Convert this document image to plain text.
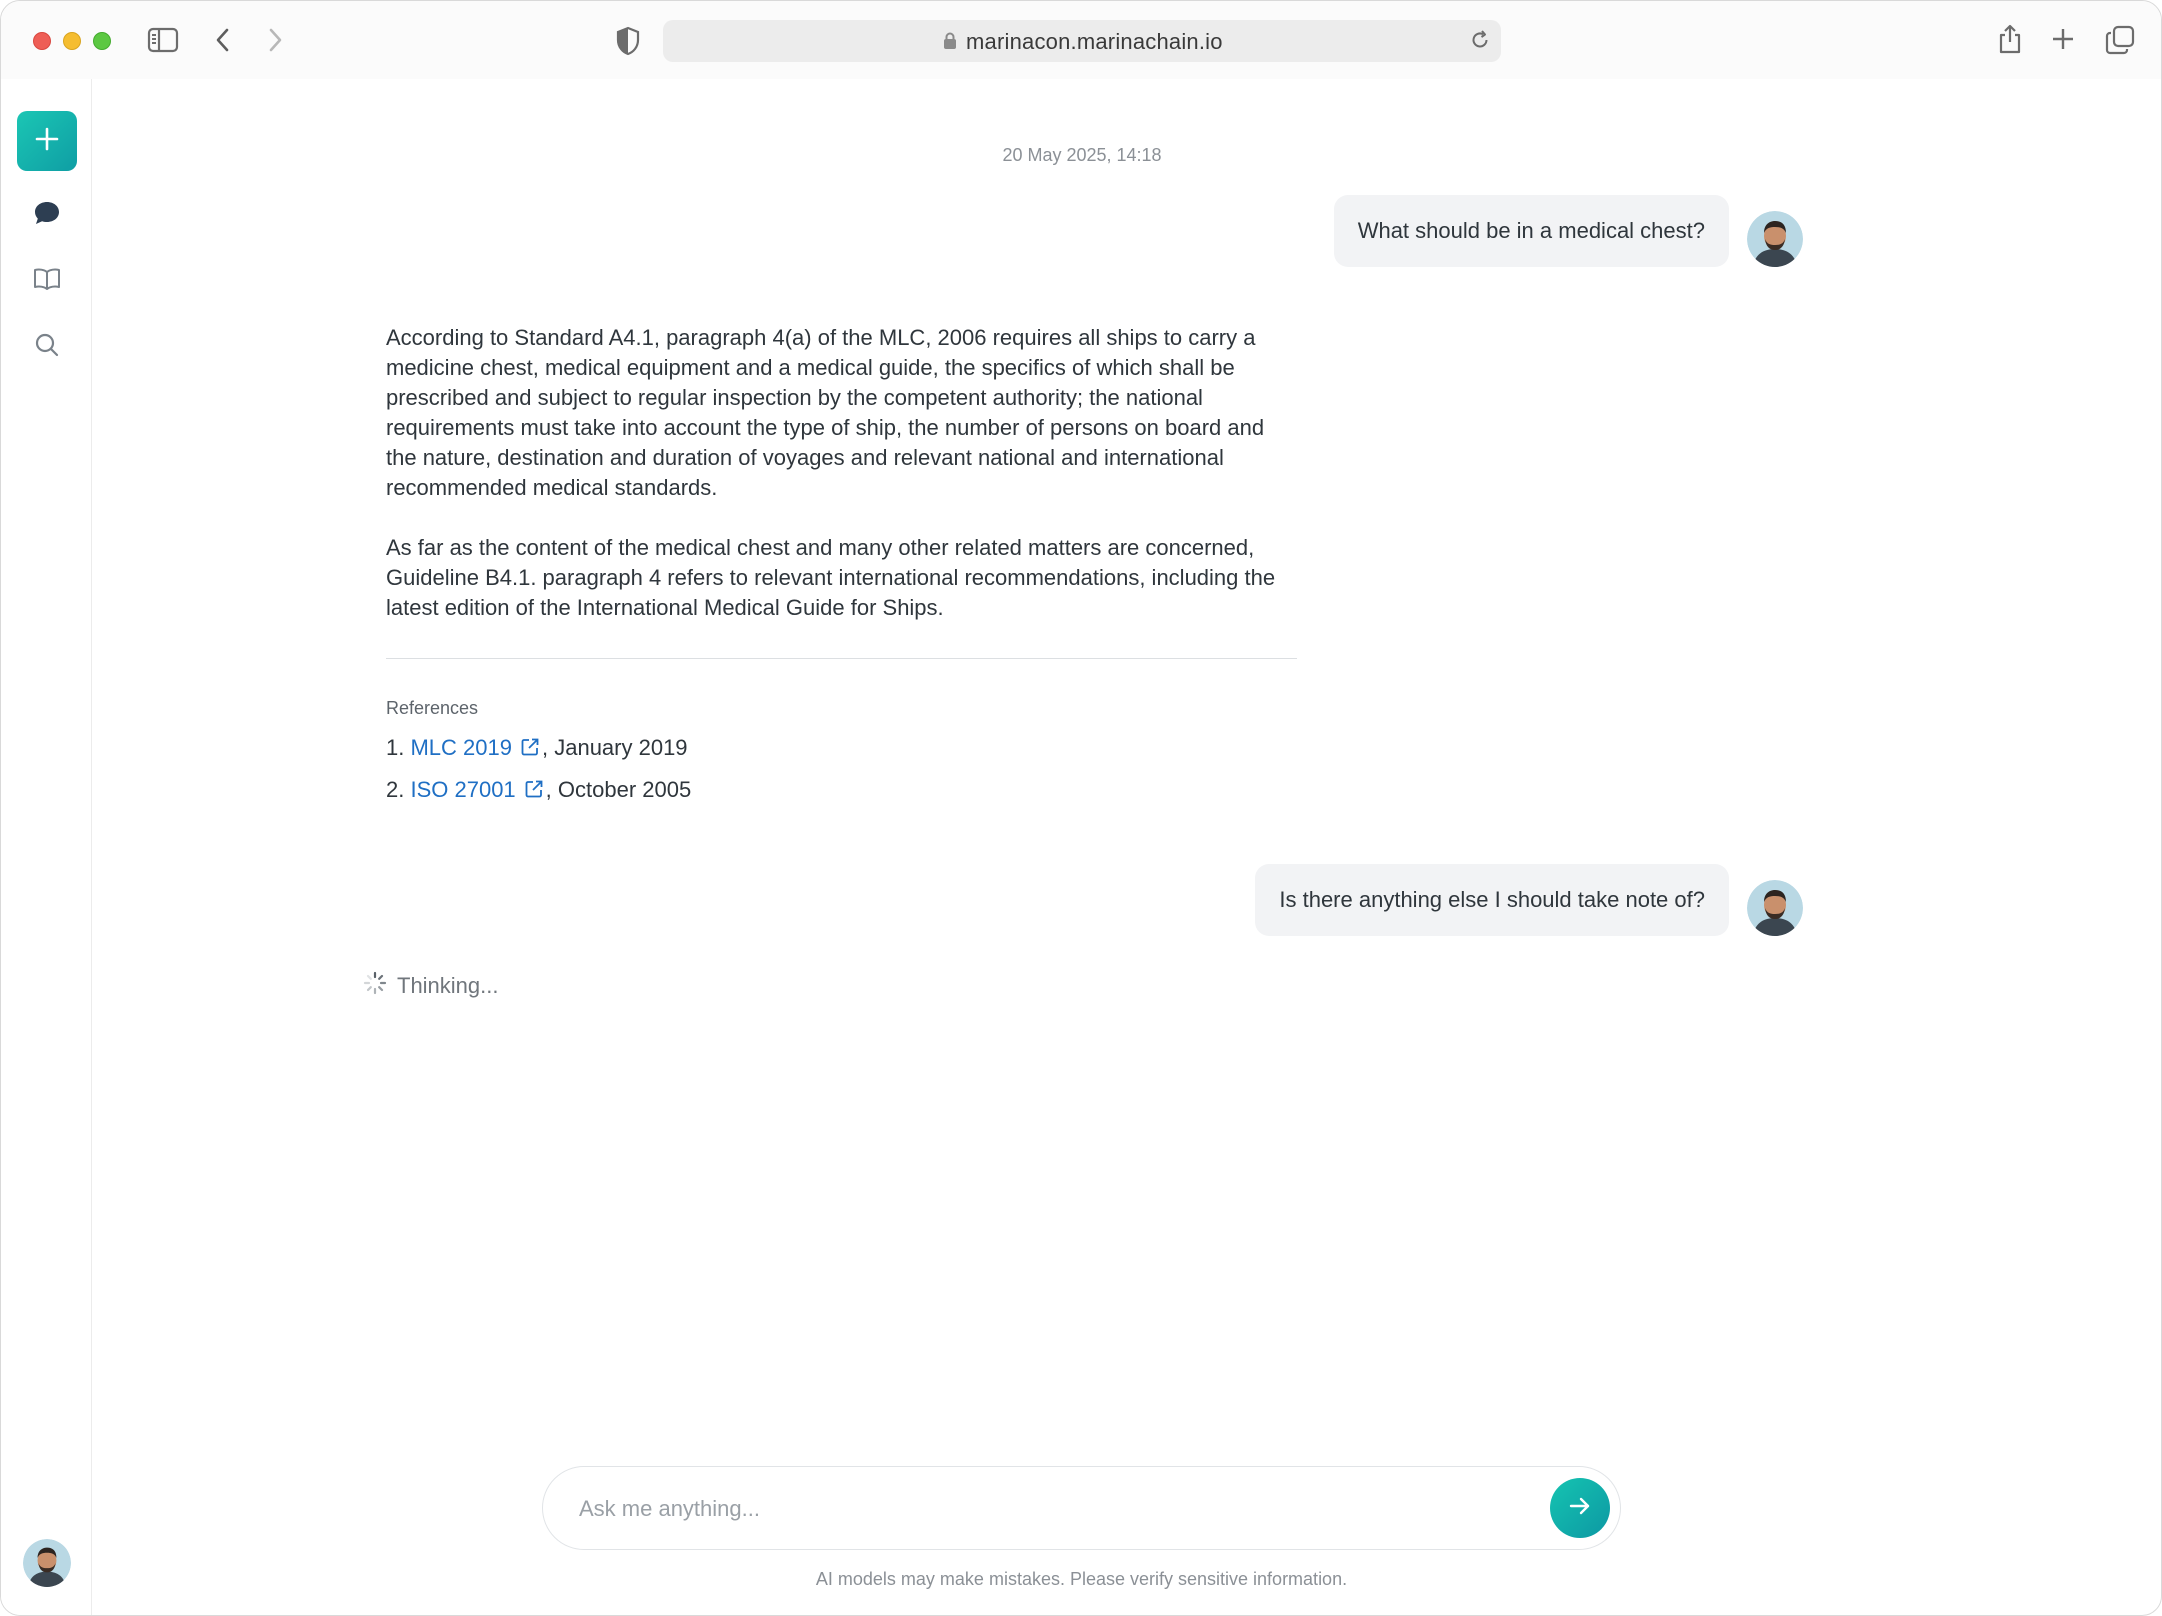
marinacon.marinachain.io
20 May 2025, 14:18
What should be in a medical chest?

According to Standard A4.1, paragraph 4(a) of the MLC, 2006 requires all ships to carry a medicine chest, medical equipment and a medical guide, the specifics of which shall be prescribed and subject to regular inspection by the competent authority; the national requirements must take into account the type of ship, the number of persons on board and the nature, destination and duration of voyages and relevant national and international recommended medical standards.

As far as the content of the medical chest and many other related matters are concerned, Guideline B4.1. paragraph 4 refers to relevant international recommendations, including the latest edition of the International Medical Guide for Ships.

References
1. MLC 2019 , January 2019
2. ISO 27001 , October 2005
Is there anything else I should take note of?
Thinking...
Ask me anything...
AI models may make mistakes. Please verify sensitive information.
